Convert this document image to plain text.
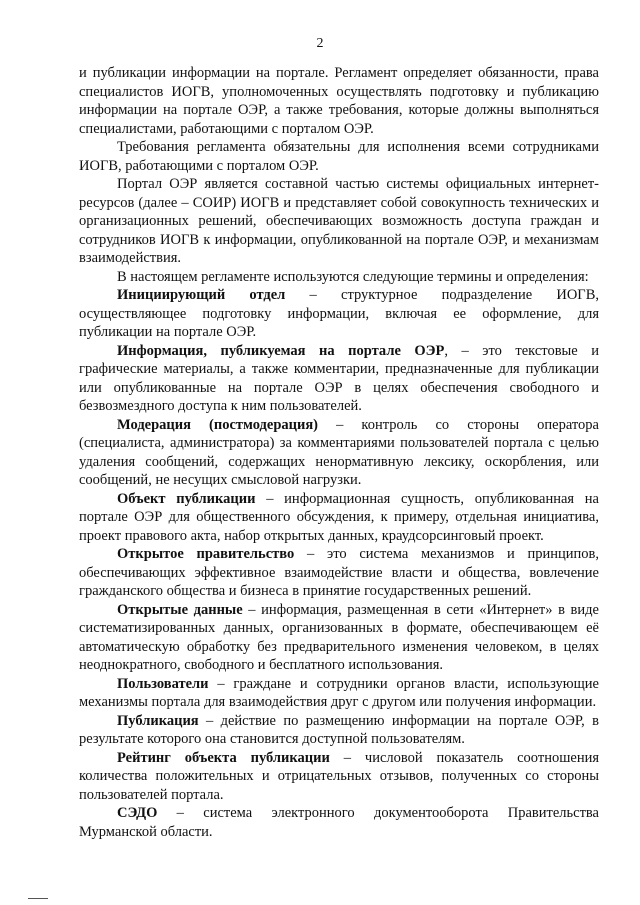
2

и публикации информации на портале. Регламент определяет обязанности, права специалистов ИОГВ, уполномоченных осуществлять подготовку и публикацию информации на портале ОЭР, а также требования, которые должны выполняться специалистами, работающими с порталом ОЭР.

Требования регламента обязательны для исполнения всеми сотрудниками ИОГВ, работающими с порталом ОЭР.

Портал ОЭР является составной частью системы официальных интернет-ресурсов (далее – СОИР) ИОГВ и представляет собой совокупность технических и организационных решений, обеспечивающих возможность доступа граждан и сотрудников ИОГВ к информации, опубликованной на портале ОЭР, и механизмам взаимодействия.

В настоящем регламенте используются следующие термины и определения:

Инициирующий отдел – структурное подразделение ИОГВ, осуществляющее подготовку информации, включая ее оформление, для публикации на портале ОЭР.

Информация, публикуемая на портале ОЭР, – это текстовые и графические материалы, а также комментарии, предназначенные для публикации или опубликованные на портале ОЭР в целях обеспечения свободного и безвозмездного доступа к ним пользователей.

Модерация (постмодерация) – контроль со стороны оператора (специалиста, администратора) за комментариями пользователей портала с целью удаления сообщений, содержащих ненормативную лексику, оскорбления, или сообщений, не несущих смысловой нагрузки.

Объект публикации – информационная сущность, опубликованная на портале ОЭР для общественного обсуждения, к примеру, отдельная инициатива, проект правового акта, набор открытых данных, краудсорсинговый проект.

Открытое правительство – это система механизмов и принципов, обеспечивающих эффективное взаимодействие власти и общества, вовлечение гражданского общества и бизнеса в принятие государственных решений.

Открытые данные – информация, размещенная в сети «Интернет» в виде систематизированных данных, организованных в формате, обеспечивающем её автоматическую обработку без предварительного изменения человеком, в целях неоднократного, свободного и бесплатного использования.

Пользователи – граждане и сотрудники органов власти, использующие механизмы портала для взаимодействия друг с другом или получения информации.

Публикация – действие по размещению информации на портале ОЭР, в результате которого она становится доступной пользователям.

Рейтинг объекта публикации – числовой показатель соотношения количества положительных и отрицательных отзывов, полученных со стороны пользователей портала.

СЭДО – система электронного документооборота Правительства Мурманской области.
